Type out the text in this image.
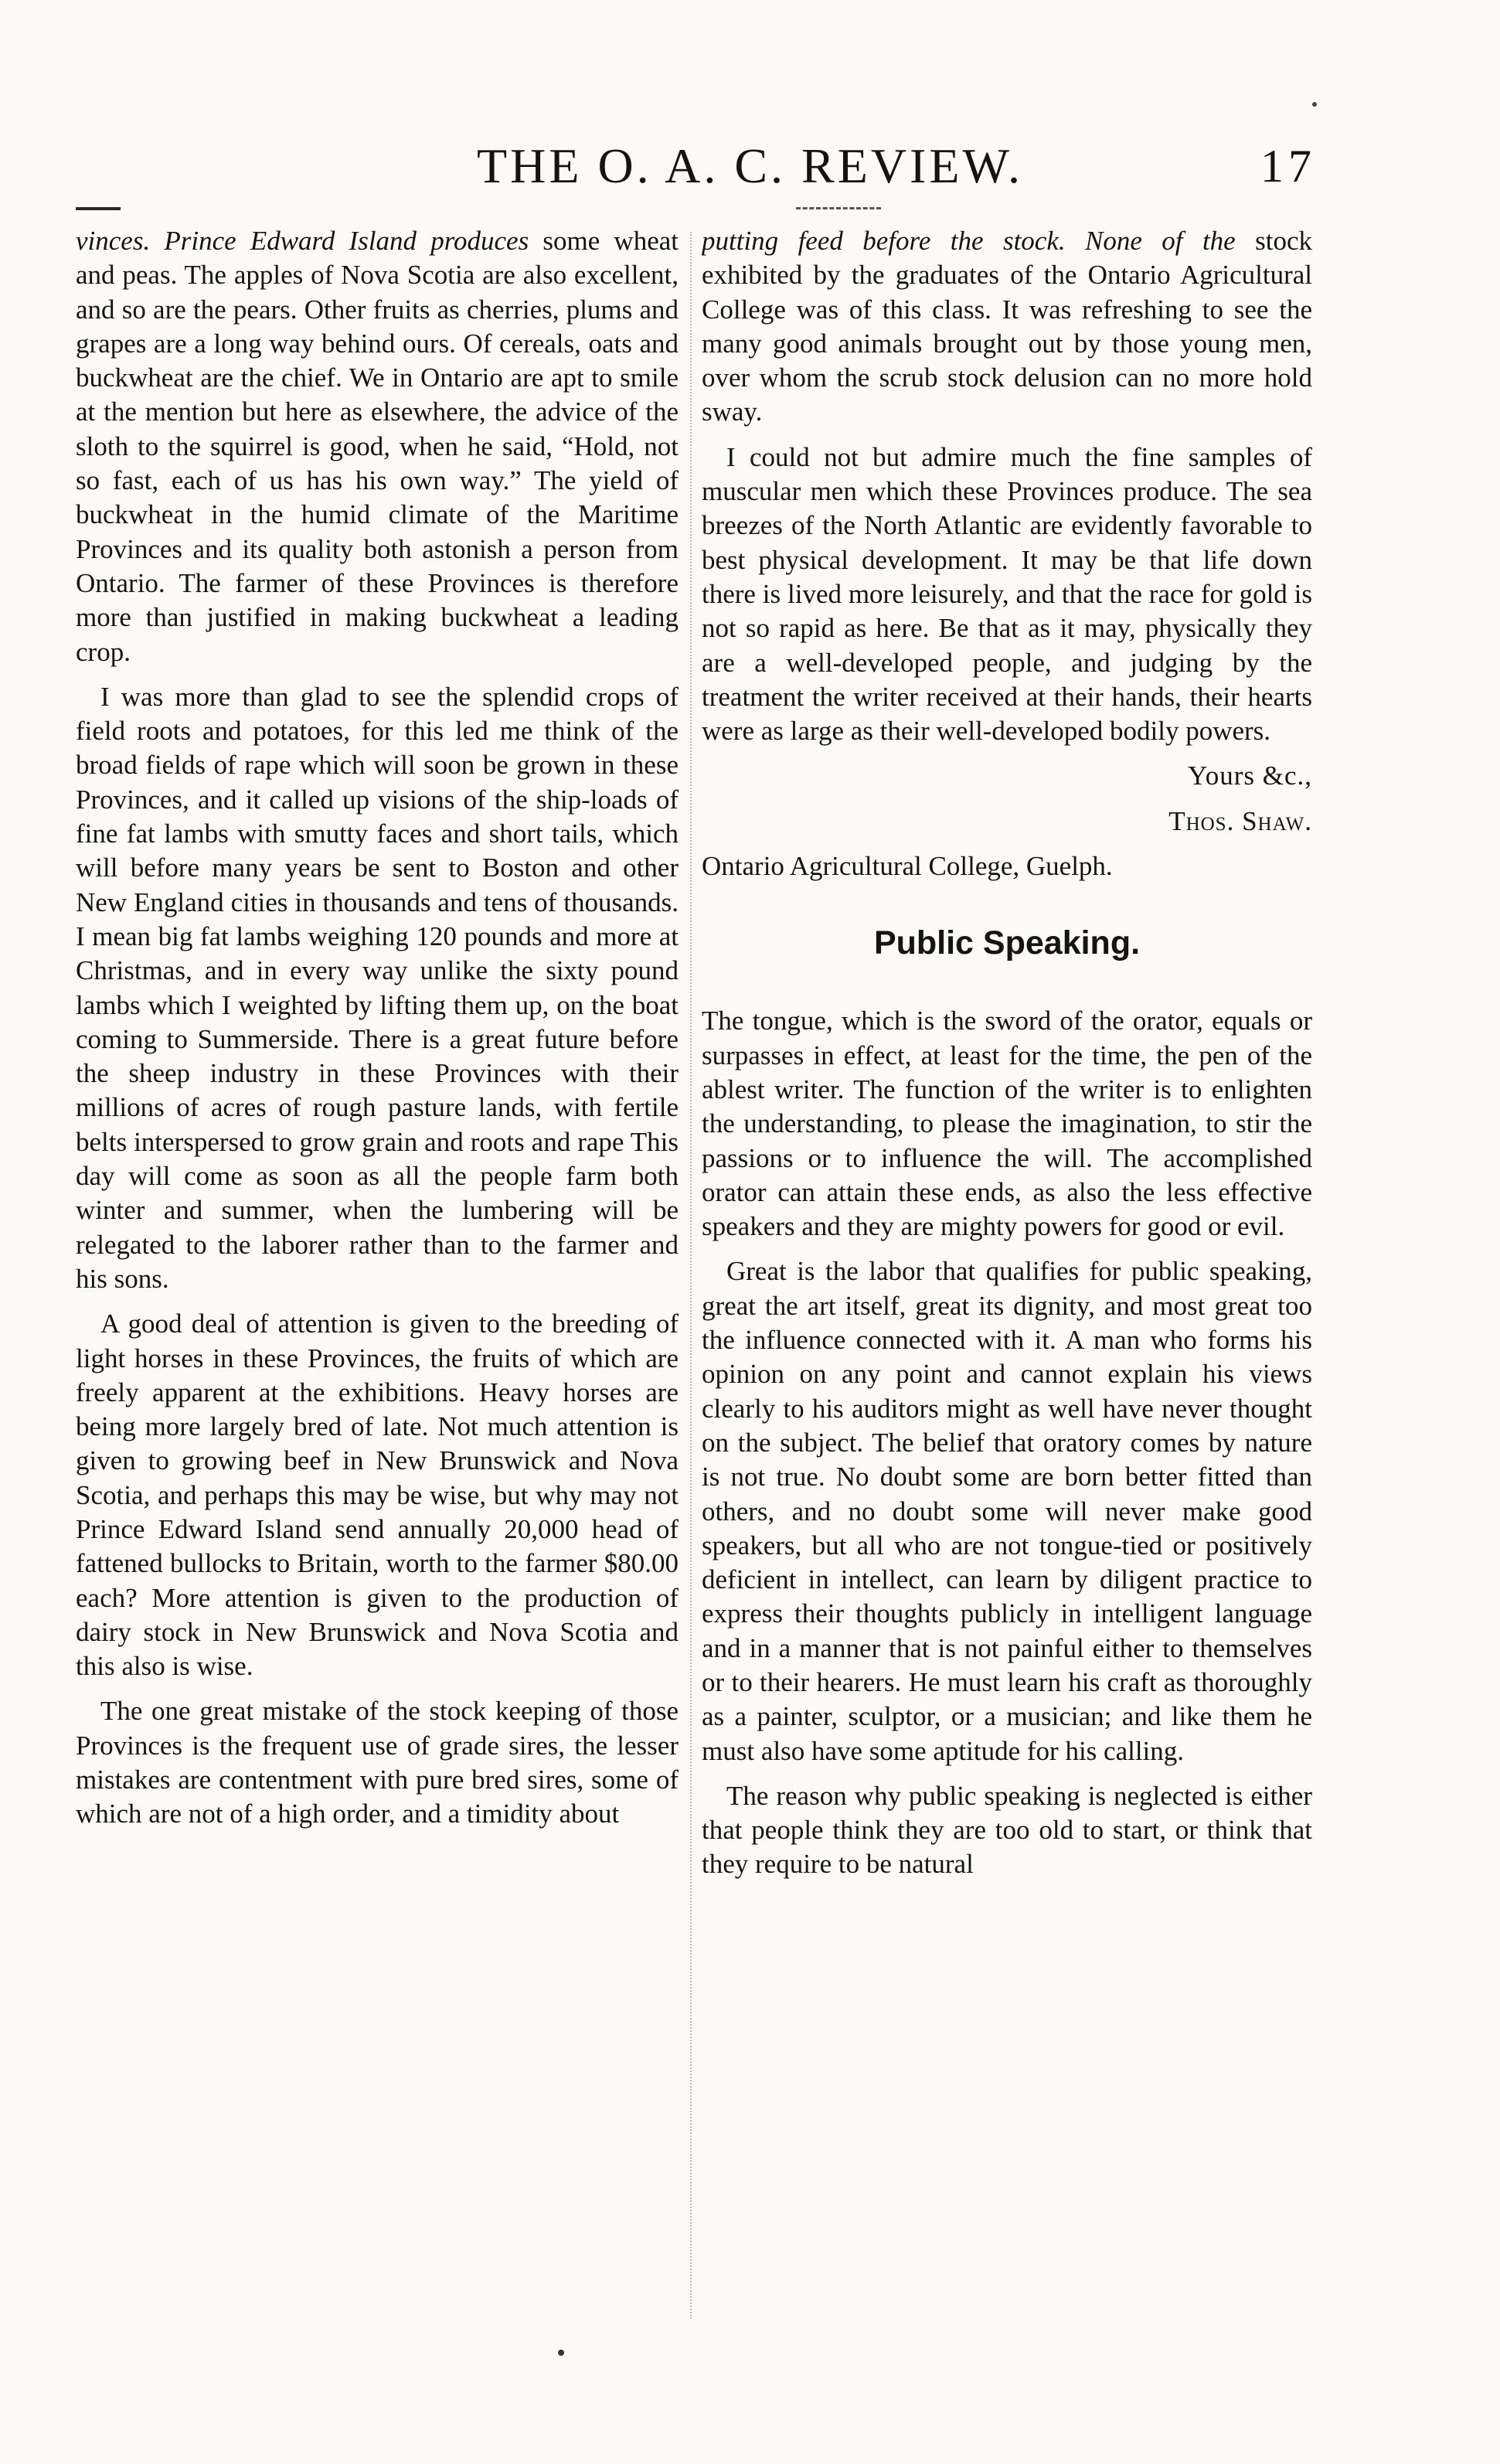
THE O. A. C. REVIEW.	17

vinces. Prince Edward Island produces some wheat and peas. The apples of Nova Scotia are also excellent, and so are the pears. Other fruits as cherries, plums and grapes are a long way behind ours. Of cereals, oats and buckwheat are the chief. We in Ontario are apt to smile at the mention but here as elsewhere, the advice of the sloth to the squirrel is good, when he said, “Hold, not so fast, each of us has his own way.” The yield of buckwheat in the humid climate of the Maritime Provinces and its quality both astonish a person from Ontario. The farmer of these Provinces is therefore more than justified in making buckwheat a leading crop.

I was more than glad to see the splendid crops of field roots and potatoes, for this led me think of the broad fields of rape which will soon be grown in these Provinces, and it called up visions of the ship-loads of fine fat lambs with smutty faces and short tails, which will before many years be sent to Boston and other New England cities in thousands and tens of thousands. I mean big fat lambs weighing 120 pounds and more at Christmas, and in every way unlike the sixty pound lambs which I weighted by lifting them up, on the boat coming to Summerside. There is a great future before the sheep industry in these Provinces with their millions of acres of rough pasture lands, with fertile belts interspersed to grow grain and roots and rape This day will come as soon as all the people farm both winter and summer, when the lumbering will be relegated to the laborer rather than to the farmer and his sons.

A good deal of attention is given to the breeding of light horses in these Provinces, the fruits of which are freely apparent at the exhibitions. Heavy horses are being more largely bred of late. Not much attention is given to growing beef in New Brunswick and Nova Scotia, and perhaps this may be wise, but why may not Prince Edward Island send annually 20,000 head of fattened bullocks to Britain, worth to the farmer $80.00 each? More attention is given to the production of dairy stock in New Brunswick and Nova Scotia and this also is wise.

The one great mistake of the stock keeping of those Provinces is the frequent use of grade sires, the lesser mistakes are contentment with pure bred sires, some of which are not of a high order, and a timidity about

putting feed before the stock. None of the stock exhibited by the graduates of the Ontario Agricultural College was of this class. It was refreshing to see the many good animals brought out by those young men, over whom the scrub stock delusion can no more hold sway.

I could not but admire much the fine samples of muscular men which these Provinces produce. The sea breezes of the North Atlantic are evidently favorable to best physical development. It may be that life down there is lived more leisurely, and that the race for gold is not so rapid as here. Be that as it may, physically they are a well-developed people, and judging by the treatment the writer received at their hands, their hearts were as large as their well-developed bodily powers.

Yours &c.,

Thos. Shaw.

Ontario Agricultural College, Guelph.

Public Speaking.

The tongue, which is the sword of the orator, equals or surpasses in effect, at least for the time, the pen of the ablest writer. The function of the writer is to enlighten the understanding, to please the imagination, to stir the passions or to influence the will. The accomplished orator can attain these ends, as also the less effective speakers and they are mighty powers for good or evil.

Great is the labor that qualifies for public speaking, great the art itself, great its dignity, and most great too the influence connected with it. A man who forms his opinion on any point and cannot explain his views clearly to his auditors might as well have never thought on the subject. The belief that oratory comes by nature is not true. No doubt some are born better fitted than others, and no doubt some will never make good speakers, but all who are not tongue-tied or positively deficient in intellect, can learn by diligent practice to express their thoughts publicly in intelligent language and in a manner that is not painful either to themselves or to their hearers. He must learn his craft as thoroughly as a painter, sculptor, or a musician; and like them he must also have some aptitude for his calling.

The reason why public speaking is neglected is either that people think they are too old to start, or think that they require to be natural
